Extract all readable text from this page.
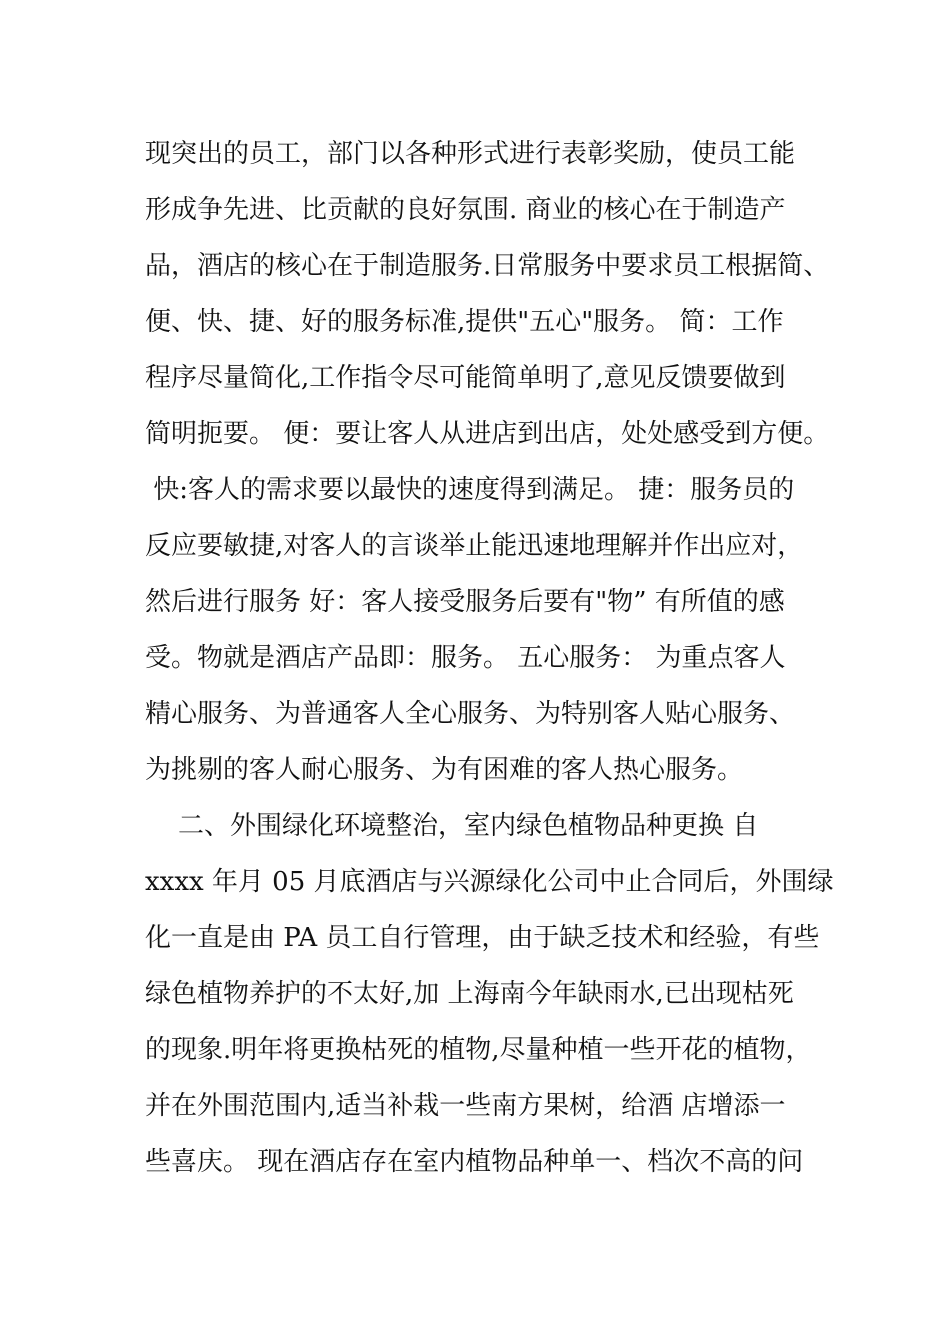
现突出的员工，部门以各种形式进行表彰奖励，使员工能
形成争先进、比贡献的良好氛围. 商业的核心在于制造产
品，酒店的核心在于制造服务.日常服务中要求员工根据简、
便、快、捷、好的服务标准,提供"五心"服务。 简：工作
程序尽量简化,工作指令尽可能简单明了,意见反馈要做到
简明扼要。 便：要让客人从进店到出店，处处感受到方便。
快:客人的需求要以最快的速度得到满足。 捷：服务员的
反应要敏捷,对客人的言谈举止能迅速地理解并作出应对，
然后进行服务 好：客人接受服务后要有"物” 有所值的感
受。物就是酒店产品即：服务。 五心服务： 为重点客人
精心服务、为普通客人全心服务、为特别客人贴心服务、
为挑剔的客人耐心服务、为有困难的客人热心服务。
二、外围绿化环境整治，室内绿色植物品种更换 自
xxxx 年月 05 月底酒店与兴源绿化公司中止合同后，外围绿
化一直是由 PA 员工自行管理，由于缺乏技术和经验，有些
绿色植物养护的不太好,加 上海南今年缺雨水,已出现枯死
的现象.明年将更换枯死的植物,尽量种植一些开花的植物，
并在外围范围内,适当补栽一些南方果树，给酒 店增添一
些喜庆。 现在酒店存在室内植物品种单一、档次不高的问
